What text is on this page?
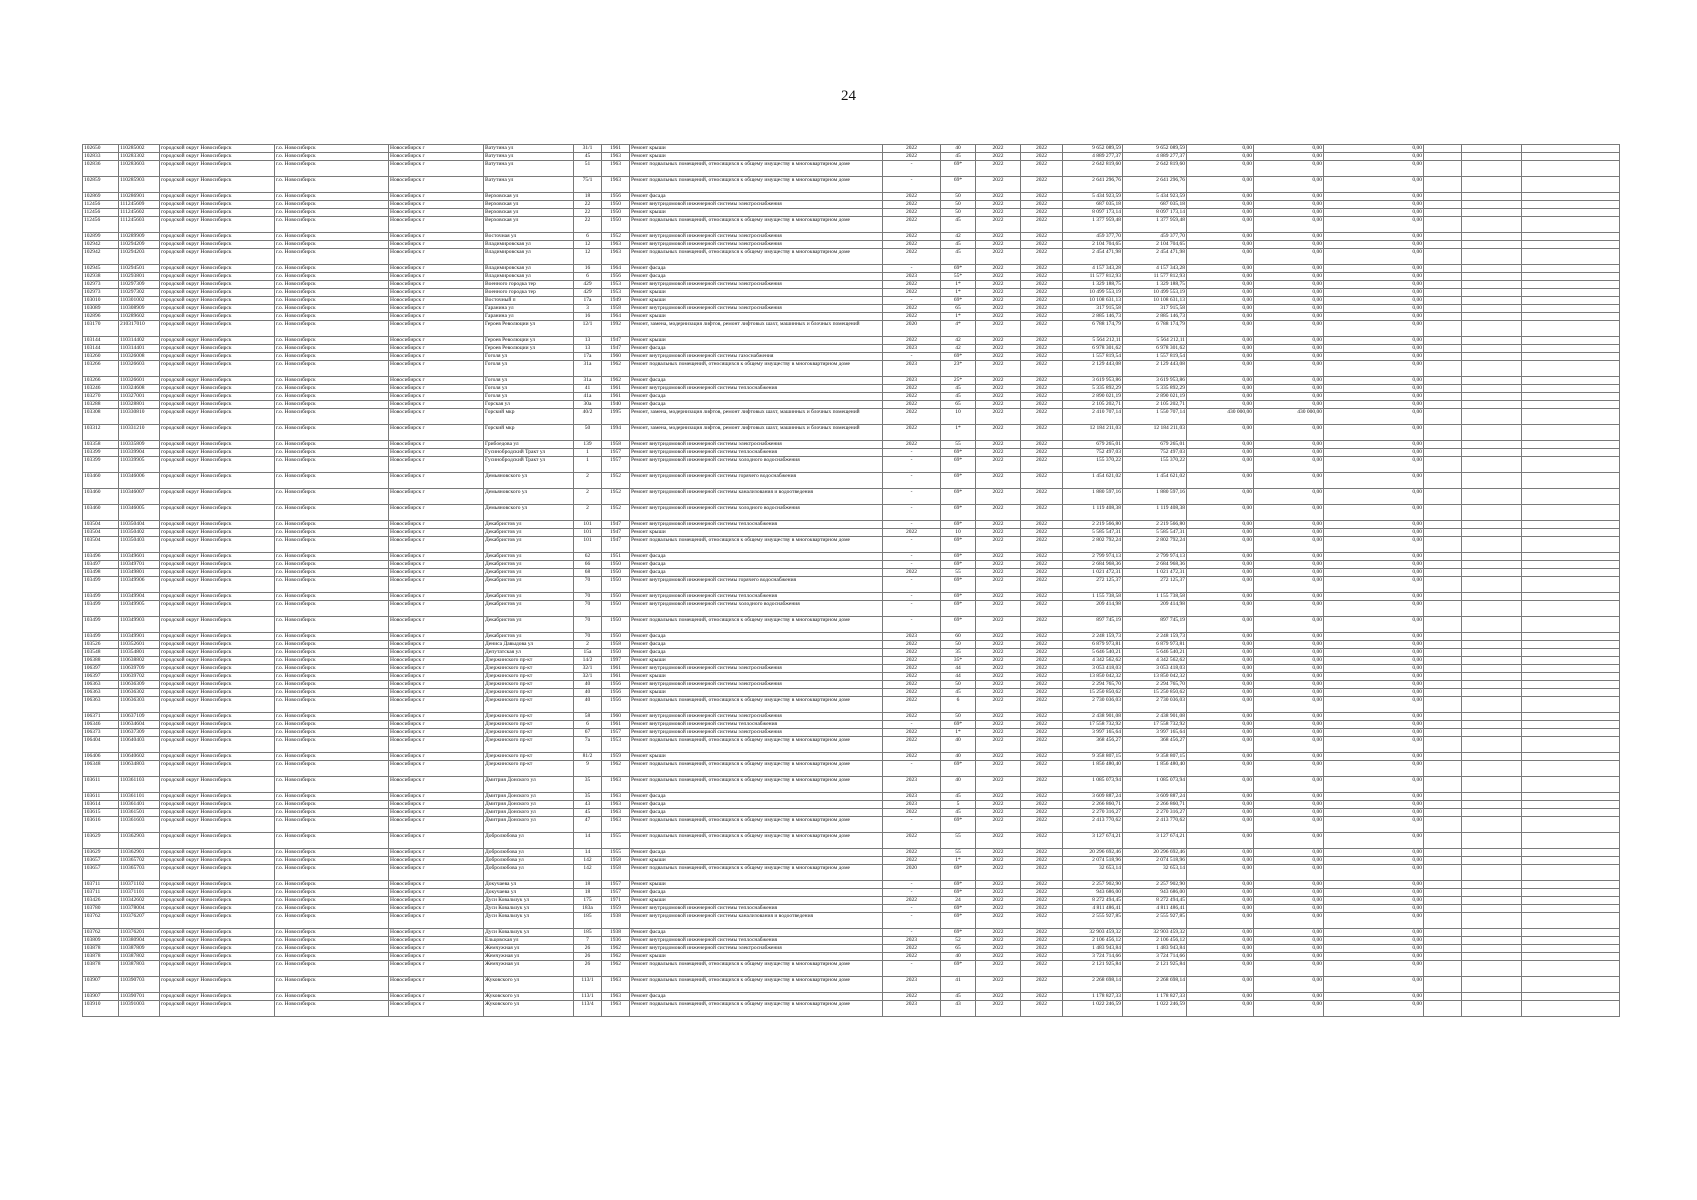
24
102650	110285002	городской округ Новосибирск	г.о. Новосибирск	Новосибирск г	Ватутина ул	31/1	1961	Ремонт крыши	2022	40	2022	2022	9 652 089,59	9 652 089,59	0,00	0,00	0,00			
102833	110283302	городской округ Новосибирск	г.о. Новосибирск	Новосибирск г	Ватутина ул	45	1963	Ремонт крыши	2022	45	2022	2022	4 889 277,37	4 889 277,37	0,00	0,00	0,00			
102836	110283603	городской округ Новосибирск	г.о. Новосибирск	Новосибирск г	Ватутина ул	51	1963	Ремонт подвальных помещений, относящихся к общему имуществу в многоквартирном доме	-	69*	2022	2022	2 642 819,60	2 642 819,60	0,00	0,00	0,00			
102859	110285903	городской округ Новосибирск	г.о. Новосибирск	Новосибирск г	Ватутина ул	75/1	1963	Ремонт подвальных помещений, относящихся к общему имуществу в многоквартирном доме	-	69*	2022	2022	2 641 296,76	2 641 296,76	0,00	0,00	0,00			
102869	110286901	городской округ Новосибирск	г.о. Новосибирск	Новосибирск г	Верховская ул	18	1956	Ремонт фасада	2022	50	2022	2022	5 434 923,59	5 434 923,59	0,00	0,00	0,00			
112456	111245609	городской округ Новосибирск	г.о. Новосибирск	Новосибирск г	Верховская ул	22	1950	Ремонт внутридомовой инженерной системы электроснабжения	2022	50	2022	2022	687 035,18	687 035,18	0,00	0,00	0,00			
112456	111245602	городской округ Новосибирск	г.о. Новосибирск	Новосибирск г	Верховская ул	22	1950	Ремонт крыши	2022	50	2022	2022	8 097 173,14	8 097 173,14	0,00	0,00	0,00			
112456	111245603	городской округ Новосибирск	г.о. Новосибирск	Новосибирск г	Верховская ул	22	1950	Ремонт подвальных помещений, относящихся к общему имуществу в многоквартирном доме	2022	45	2022	2022	1 377 959,48	1 377 959,48	0,00	0,00	0,00			
102899	110289909	городской округ Новосибирск	г.о. Новосибирск	Новосибирск г	Восточная ул	6	1952	Ремонт внутридомовой инженерной системы электроснабжения	2022	42	2022	2022	459 377,70	459 377,70	0,00	0,00	0,00			
102942	110294209	городской округ Новосибирск	г.о. Новосибирск	Новосибирск г	Владимировская ул	12	1963	Ремонт внутридомовой инженерной системы электроснабжения	2022	45	2022	2022	2 104 704,65	2 104 704,65	0,00	0,00	0,00			
102942	110294203	городской округ Новосибирск	г.о. Новосибирск	Новосибирск г	Владимировская ул	12	1963	Ремонт подвальных помещений, относящихся к общему имуществу в многоквартирном доме	2022	45	2022	2022	2 454 471,98	2 454 471,98	0,00	0,00	0,00			
102945	110294501	городской округ Новосибирск	г.о. Новосибирск	Новосибирск г	Владимировская ул	16	1964	Ремонт фасада	-	69*	2022	2022	4 157 343,28	4 157 343,28	0,00	0,00	0,00			
102938	110293801	городской округ Новосибирск	г.о. Новосибирск	Новосибирск г	Владимировская ул	6	1956	Ремонт фасада	2023	55*	2022	2022	11 577 812,93	11 577 812,93	0,00	0,00	0,00			
102973	110297309	городской округ Новосибирск	г.о. Новосибирск	Новосибирск г	Военного городка тер	429	1953	Ремонт внутридомовой инженерной системы электроснабжения	2022	1*	2022	2022	1 329 188,75	1 329 188,75	0,00	0,00	0,00			
102973	110297302	городской округ Новосибирск	г.о. Новосибирск	Новосибирск г	Военного городка тер	429	1953	Ремонт крыши	2022	1*	2022	2022	10 499 553,19	10 499 553,19	0,00	0,00	0,00			
103010	110301002	городской округ Новосибирск	г.о. Новосибирск	Новосибирск г	Восточный п	17а	1949	Ремонт крыши	-	69*	2022	2022	10 108 631,13	10 108 631,13	0,00	0,00	0,00			
103089	110308909	городской округ Новосибирск	г.о. Новосибирск	Новосибирск г	Гаранина ул	3	1958	Ремонт внутридомовой инженерной системы электроснабжения	2022	65	2022	2022	317 915,58	317 915,58	0,00	0,00	0,00			
102896	110289602	городской округ Новосибирск	г.о. Новосибирск	Новосибирск г	Гаранина ул	16	1964	Ремонт крыши	2022	1*	2022	2022	2 885 146,73	2 885 146,73	0,00	0,00	0,00			
103170	210317010	городской округ Новосибирск	г.о. Новосибирск	Новосибирск г	Героев Революции ул	12/1	1992	Ремонт, замена, модернизация лифтов, ремонт лифтовых шахт, машинных и блочных помещений	2020	4*	2022	2022	6 788 174,79	6 788 174,79	0,00	0,00	0,00			
103144	110314402	городской округ Новосибирск	г.о. Новосибирск	Новосибирск г	Героев Революции ул	13	1947	Ремонт крыши	2022	42	2022	2022	5 564 212,11	5 564 212,11	0,00	0,00	0,00			
103144	110314401	городской округ Новосибирск	г.о. Новосибирск	Новосибирск г	Героев Революции ул	13	1947	Ремонт фасада	2023	42	2022	2022	6 978 301,62	6 978 301,62	0,00	0,00	0,00			
103260	110326008	городской округ Новосибирск	г.о. Новосибирск	Новосибирск г	Гоголя ул	17а	1960	Ремонт внутридомовой инженерной системы газоснабжения	-	69*	2022	2022	1 557 819,54	1 557 819,54	0,00	0,00	0,00			
103266	110326603	городской округ Новосибирск	г.о. Новосибирск	Новосибирск г	Гоголя ул	31а	1962	Ремонт подвальных помещений, относящихся к общему имуществу в многоквартирном доме	2023	23*	2022	2022	2 129 443,08	2 129 443,08	0,00	0,00	0,00			
103266	110326601	городской округ Новосибирск	г.о. Новосибирск	Новосибирск г	Гоголя ул	31а	1962	Ремонт фасада	2023	25*	2022	2022	3 619 953,86	3 619 953,86	0,00	0,00	0,00			
103246	110324608	городской округ Новосибирск	г.о. Новосибирск	Новосибирск г	Гоголя ул	41	1961	Ремонт внутридомовой инженерной системы теплоснабжения	2022	45	2022	2022	5 335 892,29	5 335 892,29	0,00	0,00	0,00			
103270	110327001	городской округ Новосибирск	г.о. Новосибирск	Новосибирск г	Гоголя ул	41а	1961	Ремонт фасада	2022	45	2022	2022	2 890 021,19	2 890 021,19	0,00	0,00	0,00			
103288	110328801	городской округ Новосибирск	г.о. Новосибирск	Новосибирск г	Горская ул	30а	1940	Ремонт фасада	2022	65	2022	2022	2 105 202,71	2 105 202,71	0,00	0,00	0,00			
103308	110330810	городской округ Новосибирск	г.о. Новосибирск	Новосибирск г	Горский мкр	40/2	1995	Ремонт, замена, модернизация лифтов, ремонт лифтовых шахт, машинных и блочных помещений	2022	10	2022	2022	2 410 707,14	1 550 707,14	430 000,00	430 000,00	0,00			
103312	110331210	городской округ Новосибирск	г.о. Новосибирск	Новосибирск г	Горский мкр	50	1994	Ремонт, замена, модернизация лифтов, ремонт лифтовых шахт, машинных и блочных помещений	2022	1*	2022	2022	12 184 211,03	12 184 211,03	0,00	0,00	0,00			
103358	110335809	городской округ Новосибирск	г.о. Новосибирск	Новосибирск г	Грибоедова ул	139	1958	Ремонт внутридомовой инженерной системы электроснабжения	2022	55	2022	2022	679 265,01	679 265,01	0,00	0,00	0,00			
103399	110339904	городской округ Новосибирск	г.о. Новосибирск	Новосибирск г	Гусинобродский Тракт ул	1	1957	Ремонт внутридомовой инженерной системы теплоснабжения	-	69*	2022	2022	752 497,03	752 497,03	0,00	0,00	0,00			
103399	110339905	городской округ Новосибирск	г.о. Новосибирск	Новосибирск г	Гусинобродский Тракт ул	1	1957	Ремонт внутридомовой инженерной системы холодного водоснабжения	-	69*	2022	2022	155 370,22	155 370,22	0,00	0,00	0,00			
103460	110346006	городской округ Новосибирск	г.о. Новосибирск	Новосибирск г	Демьяновского ул	2	1952	Ремонт внутридомовой инженерной системы горячего водоснабжения	-	69*	2022	2022	1 454 621,02	1 454 621,02	0,00	0,00	0,00			
103460	110346007	городской округ Новосибирск	г.о. Новосибирск	Новосибирск г	Демьяновского ул	2	1952	Ремонт внутридомовой инженерной системы канализования и водоотведения	-	69*	2022	2022	1 880 597,16	1 880 597,16	0,00	0,00	0,00			
103460	110346005	городской округ Новосибирск	г.о. Новосибирск	Новосибирск г	Демьяновского ул	2	1952	Ремонт внутридомовой инженерной системы холодного водоснабжения	-	69*	2022	2022	1 119 408,38	1 119 408,38	0,00	0,00	0,00			
103504	110350404	городской округ Новосибирск	г.о. Новосибирск	Новосибирск г	Декабристов ул	101	1947	Ремонт внутридомовой инженерной системы теплоснабжения	-	69*	2022	2022	2 219 566,80	2 219 566,80	0,00	0,00	0,00			
103504	110350402	городской округ Новосибирск	г.о. Новосибирск	Новосибирск г	Декабристов ул	101	1947	Ремонт крыши	2022	10	2022	2022	5 585 547,31	5 585 547,31	0,00	0,00	0,00			
103504	110350403	городской округ Новосибирск	г.о. Новосибирск	Новосибирск г	Декабристов ул	101	1947	Ремонт подвальных помещений, относящихся к общему имуществу в многоквартирном доме	-	69*	2022	2022	2 802 792,24	2 802 792,24	0,00	0,00	0,00			
103496	110349601	городской округ Новосибирск	г.о. Новосибирск	Новосибирск г	Декабристов ул	62	1951	Ремонт фасада	-	69*	2022	2022	2 799 974,13	2 799 974,13	0,00	0,00	0,00			
103497	110349701	городской округ Новосибирск	г.о. Новосибирск	Новосибирск г	Декабристов ул	66	1950	Ремонт фасада	-	69*	2022	2022	2 684 968,36	2 684 968,36	0,00	0,00	0,00			
103498	110349801	городской округ Новосибирск	г.о. Новосибирск	Новосибирск г	Декабристов ул	68	1950	Ремонт фасада	2022	55	2022	2022	1 021 472,31	1 021 472,31	0,00	0,00	0,00			
103499	110349906	городской округ Новосибирск	г.о. Новосибирск	Новосибирск г	Декабристов ул	70	1950	Ремонт внутридомовой инженерной системы горячего водоснабжения	-	69*	2022	2022	272 125,37	272 125,37	0,00	0,00	0,00			
103499	110349904	городской округ Новосибирск	г.о. Новосибирск	Новосибирск г	Декабристов ул	70	1950	Ремонт внутридомовой инженерной системы теплоснабжения	-	69*	2022	2022	1 155 738,58	1 155 738,58	0,00	0,00	0,00			
103499	110349905	городской округ Новосибирск	г.о. Новосибирск	Новосибирск г	Декабристов ул	70	1950	Ремонт внутридомовой инженерной системы холодного водоснабжения	-	69*	2022	2022	209 414,98	209 414,98	0,00	0,00	0,00			
103499	110349903	городской округ Новосибирск	г.о. Новосибирск	Новосибирск г	Декабристов ул	70	1950	Ремонт подвальных помещений, относящихся к общему имуществу в многоквартирном доме	-	69*	2022	2022	897 745,19	897 745,19	0,00	0,00	0,00			
103499	110349901	городской округ Новосибирск	г.о. Новосибирск	Новосибирск г	Декабристов ул	70	1950	Ремонт фасада	2023	60	2022	2022	2 248 159,73	2 248 159,73	0,00	0,00	0,00			
103526	110352601	городской округ Новосибирск	г.о. Новосибирск	Новосибирск г	Дениса Давыдова ул	2	1958	Ремонт фасада	2022	50	2022	2022	6 879 973,81	6 879 973,81	0,00	0,00	0,00			
103548	110354801	городской округ Новосибирск	г.о. Новосибирск	Новосибирск г	Депутатская ул	15а	1950	Ремонт фасада	2022	35	2022	2022	5 646 540,21	5 646 540,21	0,00	0,00	0,00			
106388	110638802	городской округ Новосибирск	г.о. Новосибирск	Новосибирск г	Дзержинского пр-кт	14/2	1997	Ремонт крыши	2022	35*	2022	2022	4 342 562,62	4 342 562,62	0,00	0,00	0,00			
106397	110639709	городской округ Новосибирск	г.о. Новосибирск	Новосибирск г	Дзержинского пр-кт	32/1	1961	Ремонт внутридомовой инженерной системы электроснабжения	2022	44	2022	2022	3 053 418,03	3 053 418,03	0,00	0,00	0,00			
106397	110639702	городской округ Новосибирск	г.о. Новосибирск	Новосибирск г	Дзержинского пр-кт	32/1	1961	Ремонт крыши	2022	44	2022	2022	13 850 042,32	13 850 042,32	0,00	0,00	0,00			
106363	110636309	городской округ Новосибирск	г.о. Новосибирск	Новосибирск г	Дзержинского пр-кт	40	1956	Ремонт внутридомовой инженерной системы электроснабжения	2022	50	2022	2022	2 294 765,70	2 294 765,70	0,00	0,00	0,00			
106363	110636302	городской округ Новосибирск	г.о. Новосибирск	Новосибирск г	Дзержинского пр-кт	40	1956	Ремонт крыши	2022	45	2022	2022	15 250 850,62	15 250 850,62	0,00	0,00	0,00			
106363	110636303	городской округ Новосибирск	г.о. Новосибирск	Новосибирск г	Дзержинского пр-кт	40	1956	Ремонт подвальных помещений, относящихся к общему имуществу в многоквартирном доме	2022	6	2022	2022	2 730 036,03	2 730 036,03	0,00	0,00	0,00			
106371	110637109	городской округ Новосибирск	г.о. Новосибирск	Новосибирск г	Дзержинского пр-кт	58	1960	Ремонт внутридомовой инженерной системы электроснабжения	2022	50	2022	2022	2 438 901,08	2 438 901,08	0,00	0,00	0,00			
106346	110634604	городской округ Новосибирск	г.о. Новосибирск	Новосибирск г	Дзержинского пр-кт	6	1961	Ремонт внутридомовой инженерной системы теплоснабжения	-	69*	2022	2022	17 558 732,92	17 558 732,92	0,00	0,00	0,00			
106373	110637309	городской округ Новосибирск	г.о. Новосибирск	Новосибирск г	Дзержинского пр-кт	67	1957	Ремонт внутридомовой инженерной системы электроснабжения	2022	1*	2022	2022	3 997 165,64	3 997 165,64	0,00	0,00	0,00			
106404	110640403	городской округ Новосибирск	г.о. Новосибирск	Новосибирск г	Дзержинского пр-кт	7а	1953	Ремонт подвальных помещений, относящихся к общему имуществу в многоквартирном доме	2022	40	2022	2022	368 456,27	368 456,27	0,00	0,00	0,00			
106406	110640602	городской округ Новосибирск	г.о. Новосибирск	Новосибирск г	Дзержинского пр-кт	81/2	1959	Ремонт крыши	2022	40	2022	2022	9 358 807,15	9 358 807,15	0,00	0,00	0,00			
106348	110634803	городской округ Новосибирск	г.о. Новосибирск	Новосибирск г	Дзержинского пр-кт	9	1962	Ремонт подвальных помещений, относящихся к общему имуществу в многоквартирном доме	-	69*	2022	2022	1 856 480,40	1 856 480,40	0,00	0,00	0,00			
103611	110361103	городской округ Новосибирск	г.о. Новосибирск	Новосибирск г	Дмитрия Донского ул	35	1963	Ремонт подвальных помещений, относящихся к общему имуществу в многоквартирном доме	2023	40	2022	2022	1 085 073,94	1 085 073,94	0,00	0,00	0,00			
103611	110361101	городской округ Новосибирск	г.о. Новосибирск	Новосибирск г	Дмитрия Донского ул	35	1963	Ремонт фасада	2023	45	2022	2022	3 609 887,24	3 609 887,24	0,00	0,00	0,00			
103614	110361401	городской округ Новосибирск	г.о. Новосибирск	Новосибирск г	Дмитрия Донского ул	43	1963	Ремонт фасада	2023	5	2022	2022	2 266 860,71	2 266 860,71	0,00	0,00	0,00			
103615	110361501	городской округ Новосибирск	г.о. Новосибирск	Новосибирск г	Дмитрия Донского ул	45	1963	Ремонт фасада	2022	45	2022	2022	2 270 316,27	2 270 316,27	0,00	0,00	0,00			
103616	110361603	городской округ Новосибирск	г.о. Новосибирск	Новосибирск г	Дмитрия Донского ул	47	1963	Ремонт подвальных помещений, относящихся к общему имуществу в многоквартирном доме	-	69*	2022	2022	2 413 770,62	2 413 770,62	0,00	0,00	0,00			
103629	110362903	городской округ Новосибирск	г.о. Новосибирск	Новосибирск г	Добролюбова ул	14	1955	Ремонт подвальных помещений, относящихся к общему имуществу в многоквартирном доме	2022	55	2022	2022	3 127 674,21	3 127 674,21	0,00	0,00	0,00			
103629	110362901	городской округ Новосибирск	г.о. Новосибирск	Новосибирск г	Добролюбова ул	14	1955	Ремонт фасада	2022	55	2022	2022	20 296 692,46	20 296 692,46	0,00	0,00	0,00			
103657	110365702	городской округ Новосибирск	г.о. Новосибирск	Новосибирск г	Добролюбова ул	142	1958	Ремонт крыши	2022	1*	2022	2022	2 074 518,96	2 074 518,96	0,00	0,00	0,00			
103657	110365703	городской округ Новосибирск	г.о. Новосибирск	Новосибирск г	Добролюбова ул	142	1958	Ремонт подвальных помещений, относящихся к общему имуществу в многоквартирном доме	2020	69*	2022	2022	32 653,14	32 653,14	0,00	0,00	0,00			
103711	110371102	городской округ Новосибирск	г.о. Новосибирск	Новосибирск г	Докучаева ул	18	1957	Ремонт крыши	-	69*	2022	2022	2 257 902,90	2 257 902,90	0,00	0,00	0,00			
103711	110371101	городской округ Новосибирск	г.о. Новосибирск	Новосибирск г	Докучаева ул	18	1957	Ремонт фасада	-	69*	2022	2022	943 686,00	943 686,00	0,00	0,00	0,00			
103426	110342602	городской округ Новосибирск	г.о. Новосибирск	Новосибирск г	Дуси Ковальчук ул	175	1971	Ремонт крыши	2022	24	2022	2022	8 272 494,45	8 272 494,45	0,00	0,00	0,00			
103780	110378004	городской округ Новосибирск	г.о. Новосибирск	Новосибирск г	Дуси Ковальчук ул	183а	1959	Ремонт внутридомовой инженерной системы теплоснабжения	-	69*	2022	2022	4 811 486,41	4 811 486,41	0,00	0,00	0,00			
103762	110376207	городской округ Новосибирск	г.о. Новосибирск	Новосибирск г	Дуси Ковальчук ул	185	1938	Ремонт внутридомовой инженерной системы канализования и водоотведения	-	69*	2022	2022	2 555 927,85	2 555 927,85	0,00	0,00	0,00			
103762	110376201	городской округ Новосибирск	г.о. Новосибирск	Новосибирск г	Дуси Ковальчук ул	185	1938	Ремонт фасада	-	69*	2022	2022	32 903 459,32	32 903 459,32	0,00	0,00	0,00			
103809	110380904	городской округ Новосибирск	г.о. Новосибирск	Новосибирск г	Ельцовская ул	7	1936	Ремонт внутридомовой инженерной системы теплоснабжения	2023	52	2022	2022	2 106 456,12	2 106 456,12	0,00	0,00	0,00			
103878	110387809	городской округ Новосибирск	г.о. Новосибирск	Новосибирск г	Жемчужная ул	26	1962	Ремонт внутридомовой инженерной системы электроснабжения	2022	65	2022	2022	1 483 943,84	1 483 943,84	0,00	0,00	0,00			
103878	110387802	городской округ Новосибирск	г.о. Новосибирск	Новосибирск г	Жемчужная ул	26	1962	Ремонт крыши	2022	40	2022	2022	3 724 714,66	3 724 714,66	0,00	0,00	0,00			
103878	110387803	городской округ Новосибирск	г.о. Новосибирск	Новосибирск г	Жемчужная ул	26	1962	Ремонт подвальных помещений, относящихся к общему имуществу в многоквартирном доме	-	69*	2022	2022	2 121 925,84	2 121 925,84	0,00	0,00	0,00			
103907	110390703	городской округ Новосибирск	г.о. Новосибирск	Новосибирск г	Жуковского ул	113/1	1963	Ремонт подвальных помещений, относящихся к общему имуществу в многоквартирном доме	2023	41	2022	2022	2 268 698,14	2 268 698,14	0,00	0,00	0,00			
103907	110390701	городской округ Новосибирск	г.о. Новосибирск	Новосибирск г	Жуковского ул	113/1	1963	Ремонт фасада	2022	45	2022	2022	1 178 827,33	1 178 827,33	0,00	0,00	0,00			
103910	110391003	городской округ Новосибирск	г.о. Новосибирск	Новосибирск г	Жуковского ул	113/4	1963	Ремонт подвальных помещений, относящихся к общему имуществу в многоквартирном доме	2023	43	2022	2022	1 022 246,59	1 022 246,59	0,00	0,00	0,00			
